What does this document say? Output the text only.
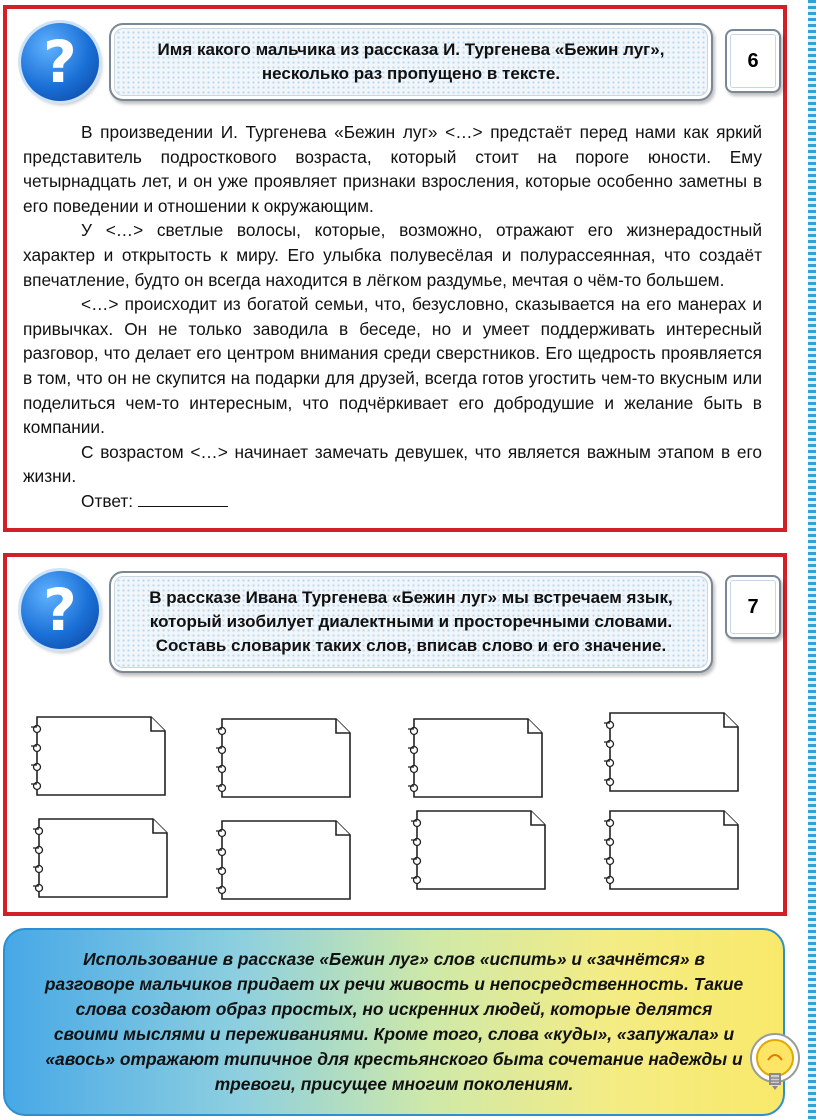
?	Имя какого мальчика из рассказа И. Тургенева «Бежин луг», несколько раз пропущено в тексте.
6

В произведении И. Тургенева «Бежин луг» <…> предстаёт перед нами как яркий представитель подросткового возраста, который стоит на пороге юности. Ему четырнадцать лет, и он уже проявляет признаки взросления, которые особенно заметны в его поведении и отношении к окружающим.

У <…> светлые волосы, которые, возможно, отражают его жизнерадостный характер и открытость к миру. Его улыбка полувесёлая и полурассеянная, что создаёт впечатление, будто он всегда находится в лёгком раздумье, мечтая о чём-то большем.

<…> происходит из богатой семьи, что, безусловно, сказывается на его манерах и привычках. Он не только заводила в беседе, но и умеет поддерживать интересный разговор, что делает его центром внимания среди сверстников. Его щедрость проявляется в том, что он не скупится на подарки для друзей, всегда готов угостить чем-то вкусным или поделиться чем-то интересным, что подчёркивает его добродушие и желание быть в компании.

С возрастом <…> начинает замечать девушек, что является важным этапом в его жизни.

Ответ:

?	В рассказе Ивана Тургенева «Бежин луг» мы встречаем язык, который изобилует диалектными и просторечными словами. Составь словарик таких слов, вписав слово и его значение.
7
Использование в рассказе «Бежин луг» слов «испить» и «зачнётся» в разговоре мальчиков придает их речи живость и непосредственность. Такие слова создают образ простых, но искренних людей, которые делятся своими мыслями и переживаниями. Кроме того, слова «куды», «запужала» и «авось» отражают типичное для крестьянского быта сочетание надежды и тревоги, присущее многим поколениям.
